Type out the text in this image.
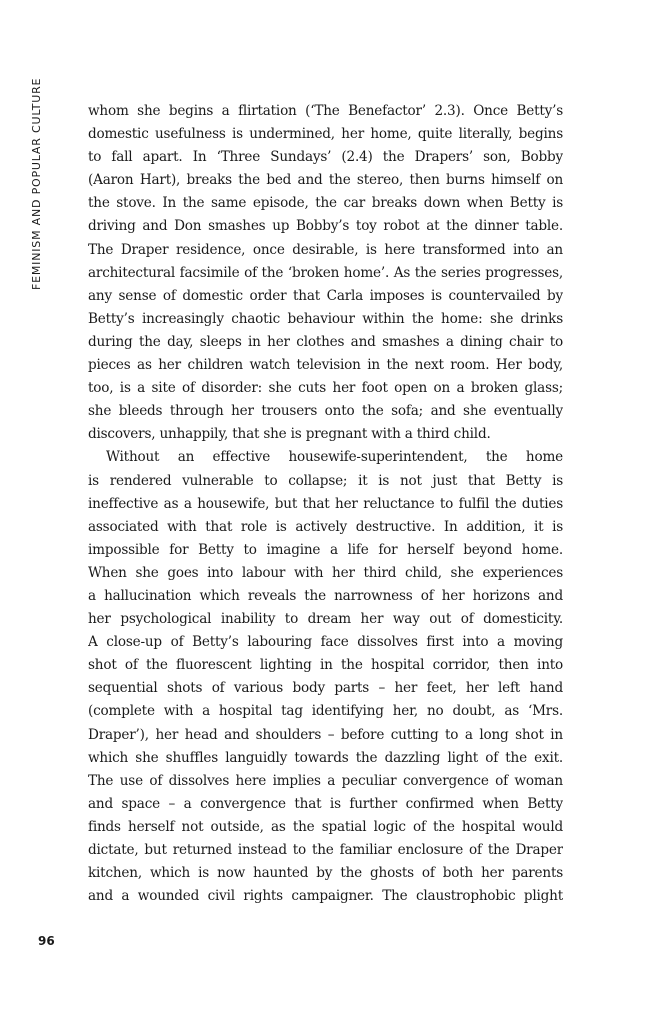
FEMINISM AND POPULAR CULTURE	whom she begins a flirtation (‘The Benefactor’ 2.3). Once Betty’s
domestic usefulness is undermined, her home, quite literally, begins
to fall apart. In ‘Three Sundays’ (2.4) the Drapers’ son, Bobby
(Aaron Hart), breaks the bed and the stereo, then burns himself on
the stove. In the same episode, the car breaks down when Betty is
driving and Don smashes up Bobby’s toy robot at the dinner table.
The Draper residence, once desirable, is here transformed into an
architectural facsimile of the ‘broken home’. As the series progresses,
any sense of domestic order that Carla imposes is countervailed by
Betty’s increasingly chaotic behaviour within the home: she drinks
during the day, sleeps in her clothes and smashes a dining chair to
pieces as her children watch television in the next room. Her body,
too, is a site of disorder: she cuts her foot open on a broken glass;
she bleeds through her trousers onto the sofa; and she eventually
discovers, unhappily, that she is pregnant with a third child.
Without an effective housewife-superintendent, the home
is rendered vulnerable to collapse; it is not just that Betty is
ineffective as a housewife, but that her reluctance to fulfil the duties
associated with that role is actively destructive. In addition, it is
impossible for Betty to imagine a life for herself beyond home.
When she goes into labour with her third child, she experiences
a hallucination which reveals the narrowness of her horizons and
her psychological inability to dream her way out of domesticity.
A close-up of Betty’s labouring face dissolves first into a moving
shot of the fluorescent lighting in the hospital corridor, then into
sequential shots of various body parts – her feet, her left hand
(complete with a hospital tag identifying her, no doubt, as ‘Mrs.
Draper’), her head and shoulders – before cutting to a long shot in
which she shuffles languidly towards the dazzling light of the exit.
The use of dissolves here implies a peculiar convergence of woman
and space – a convergence that is further confirmed when Betty
finds herself not outside, as the spatial logic of the hospital would
dictate, but returned instead to the familiar enclosure of the Draper
kitchen, which is now haunted by the ghosts of both her parents
and a wounded civil rights campaigner. The claustrophobic plight
96
